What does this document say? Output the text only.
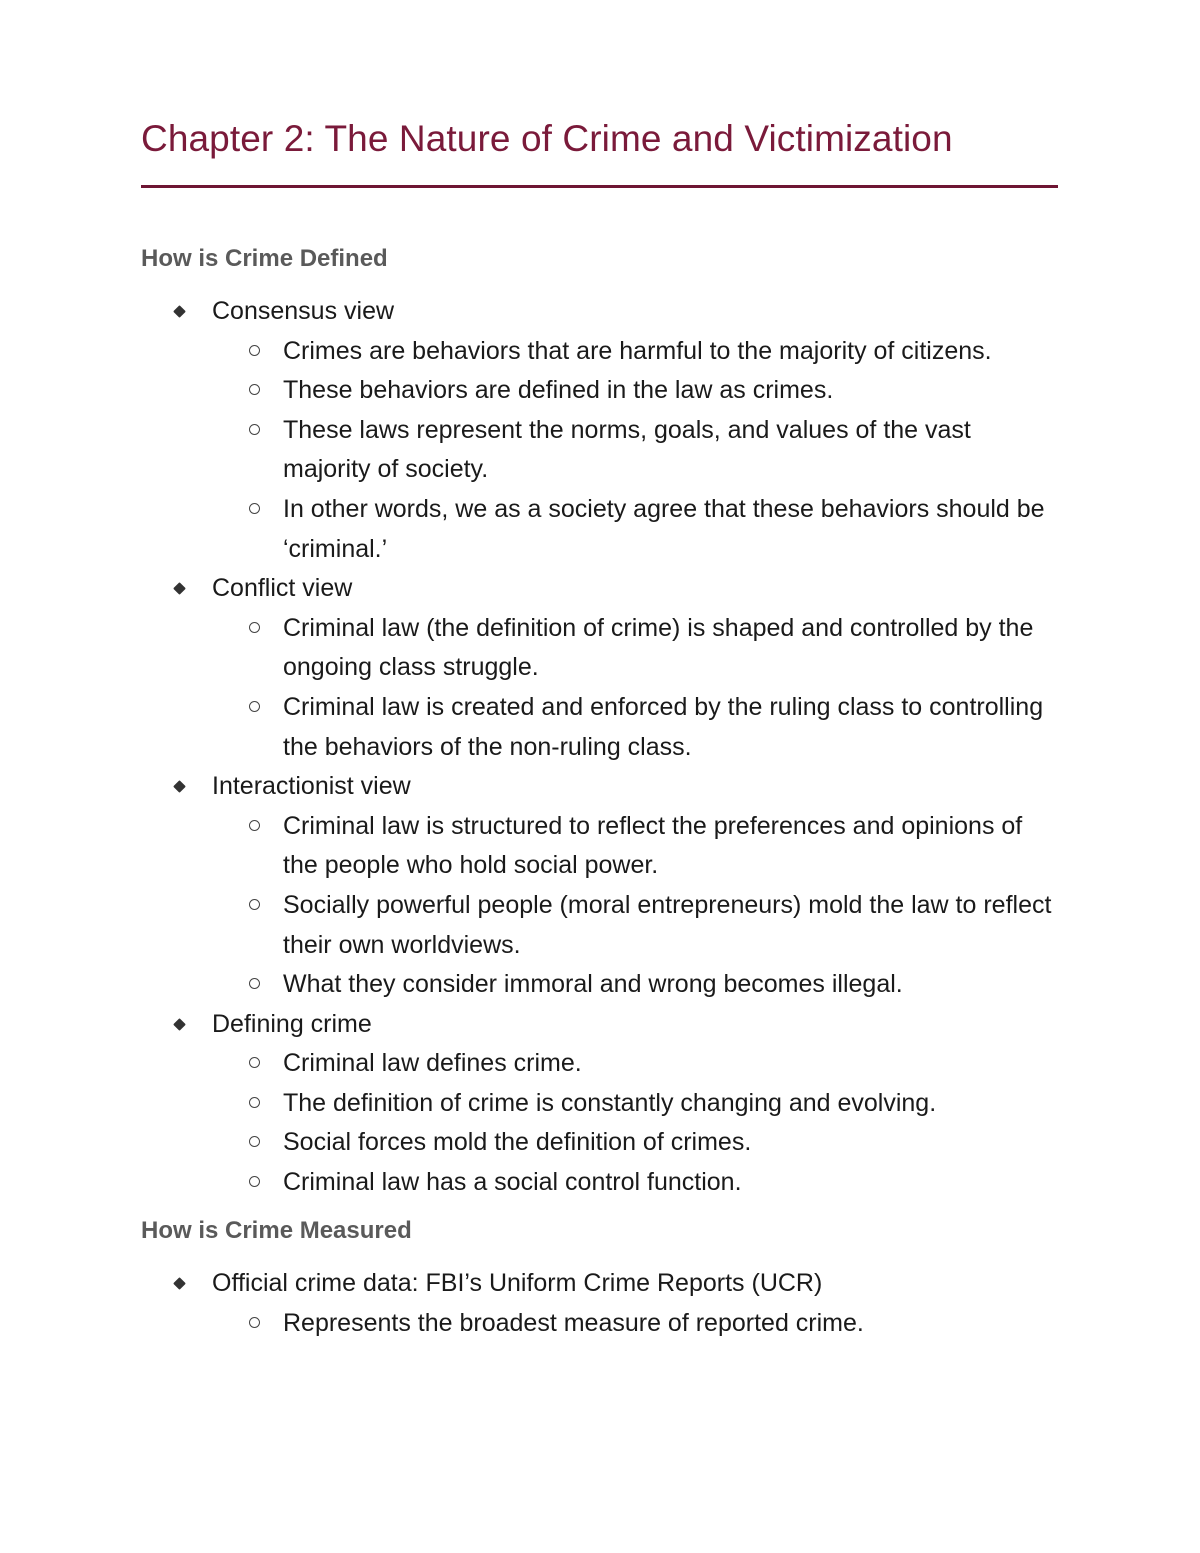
Chapter 2: The Nature of Crime and Victimization
How is Crime Defined
Consensus view
Crimes are behaviors that are harmful to the majority of citizens.
These behaviors are defined in the law as crimes.
These laws represent the norms, goals, and values of the vast majority of society.
In other words, we as a society agree that these behaviors should be ‘criminal.’
Conflict view
Criminal law (the definition of crime) is shaped and controlled by the ongoing class struggle.
Criminal law is created and enforced by the ruling class to controlling the behaviors of the non-ruling class.
Interactionist view
Criminal law is structured to reflect the preferences and opinions of the people who hold social power.
Socially powerful people (moral entrepreneurs) mold the law to reflect their own worldviews.
What they consider immoral and wrong becomes illegal.
Defining crime
Criminal law defines crime.
The definition of crime is constantly changing and evolving.
Social forces mold the definition of crimes.
Criminal law has a social control function.
How is Crime Measured
Official crime data: FBI’s Uniform Crime Reports (UCR)
Represents the broadest measure of reported crime.
